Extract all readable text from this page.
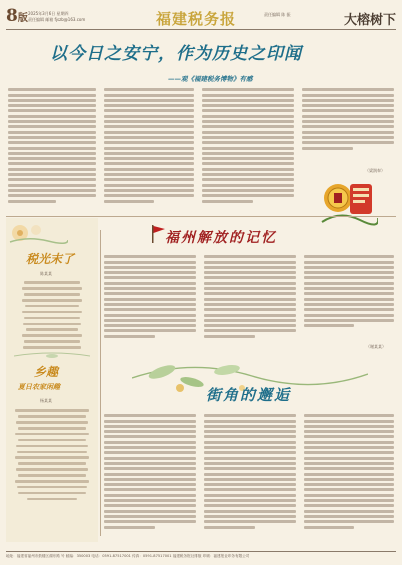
8版 2025年3月6日 星期四
责任编辑 邮箱 fjszb@163.com	福建税务报	责任编辑 陈 振	大榕树下
以今日之安宁，作为历史之印闻
——观《福建税务博物》有感
（梁润奉）
税光末了
陈某某
乡趣
夏日农家闲趣
杨某某
福州解放的记忆
（谢某某）
街角的邂逅
地址：福建省福州市鼓楼区湖东路 号 邮编：350003 电话：0591-87517001 传真：0591-87517001 福建税务报社排版 印刷：福建报业印务有限公司
